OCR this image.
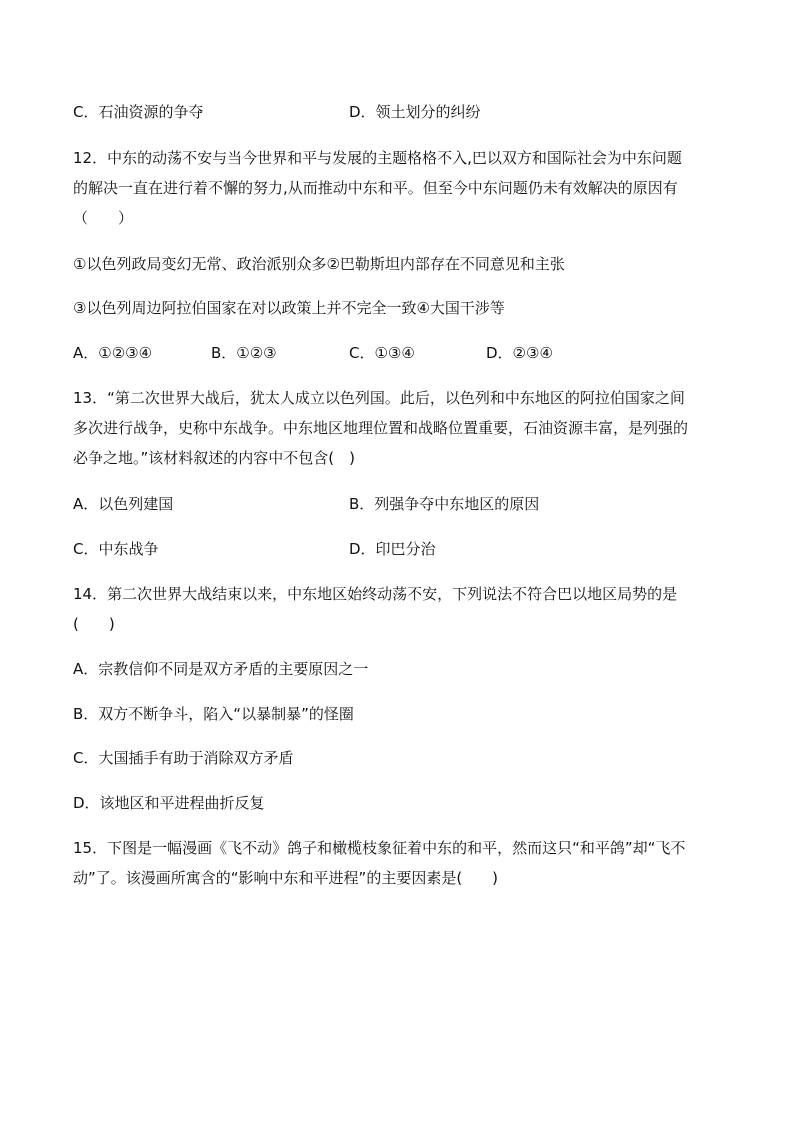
C．石油资源的争夺	D．领土划分的纠纷
12．中东的动荡不安与当今世界和平与发展的主题格格不入,巴以双方和国际社会为中东问题
的解决一直在进行着不懈的努力,从而推动中东和平。但至今中东问题仍未有效解决的原因有
（　　）
①以色列政局变幻无常、政治派别众多②巴勒斯坦内部存在不同意见和主张
③以色列周边阿拉伯国家在对以政策上并不完全一致④大国干涉等
A．①②③④	B．①②③	C．①③④	D．②③④
13．“第二次世界大战后，犹太人成立以色列国。此后，以色列和中东地区的阿拉伯国家之间
多次进行战争，史称中东战争。中东地区地理位置和战略位置重要，石油资源丰富，是列强的
必争之地。”该材料叙述的内容中不包含(　)
A．以色列建国	B．列强争夺中东地区的原因
C．中东战争	D．印巴分治
14．第二次世界大战结束以来，中东地区始终动荡不安，下列说法不符合巴以地区局势的是
(　　)
A．宗教信仰不同是双方矛盾的主要原因之一
B．双方不断争斗，陷入“以暴制暴”的怪圈
C．大国插手有助于消除双方矛盾
D．该地区和平进程曲折反复
15．下图是一幅漫画《飞不动》鸽子和橄榄枝象征着中东的和平，然而这只“和平鸽”却“飞不
动”了。该漫画所寓含的“影响中东和平进程”的主要因素是(　　)
